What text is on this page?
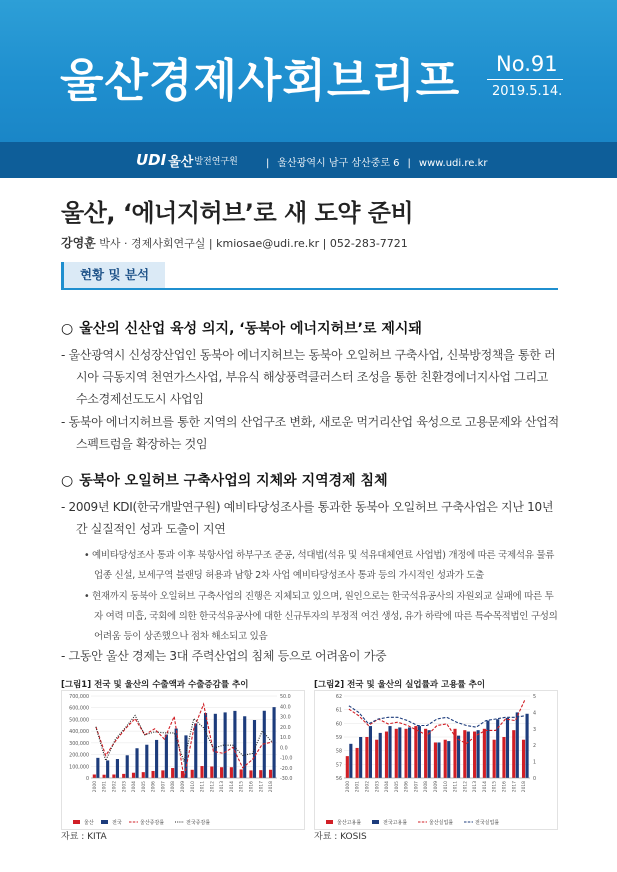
울산경제사회브리프 No.91
2019.5.14.
UDI 울산 발전연구원	| 울산광역시 남구 삼산중로 6 | www.udi.re.kr
울산, ‘에너지허브’로 새 도약 준비
강영훈 박사 · 경제사회연구실 | kmiosae@udi.re.kr | 052-283-7721
현황 및 분석
○ 울산의 신산업 육성 의지, ‘동북아 에너지허브’로 제시돼
- 울산광역시 신성장산업인 동북아 에너지허브는 동북아 오일허브 구축사업, 신북방정책을 통한 러시아 극동지역 천연가스사업, 부유식 해상풍력클러스터 조성을 통한 친환경에너지사업 그리고 수소경제선도도시 사업임
- 동북아 에너지허브를 통한 지역의 산업구조 변화, 새로운 먹거리산업 육성으로 고용문제와 산업적 스펙트럼을 확장하는 것임
○ 동북아 오일허브 구축사업의 지체와 지역경제 침체
- 2009년 KDI(한국개발연구원) 예비타당성조사를 통과한 동북아 오일허브 구축사업은 지난 10년간 실질적인 성과 도출이 지연
• 예비타당성조사 통과 이후 북항사업 하부구조 준공, 석대법(석유 및 석유대체연료 사업법) 개정에 따른 국제석유 물류업종 신설, 보세구역 블랜딩 허용과 남항 2차 사업 예비타당성조사 통과 등의 가시적인 성과가 도출
• 현재까지 동북아 오일허브 구축사업의 진행은 지체되고 있으며, 원인으로는 한국석유공사의 자원외교 실패에 따른 투자 여력 미흡, 국회에 의한 한국석유공사에 대한 신규투자의 부정적 여건 생성, 유가 하락에 따른 특수목적법인 구성의 어려움 등이 상존했으나 점차 해소되고 있음
- 그동안 울산 경제는 3대 주력산업의 침체 등으로 어려움이 가중
[그림1] 전국 및 울산의 수출액과 수출증감률 추이
700,000
600,000
500,000
400,000
300,000
200,000
100,000
0
50.0
40.0
30.0
20.0
10.0
0.0
-10.0
-20.0
-30.0
2000 2001 2002 2003 2004 2005 2006 2007 2008 2009 2010 2011 2012 2013 2014 2015 2016 2017 2018
울산	전국	울산증감률	전국증감률
자료 : KITA
[그림2] 전국 및 울산의 실업률과 고용률 추이
62
61
60
59
58
57
56
5
4
3
2
1
0
2000 2001 2002 2003 2004 2005 2006 2007 2008 2009 2010 2011 2012 2013 2014 2015 2016 2017 2018
울산고용률	전국고용률	울산실업률	전국실업률
자료 : KOSIS
